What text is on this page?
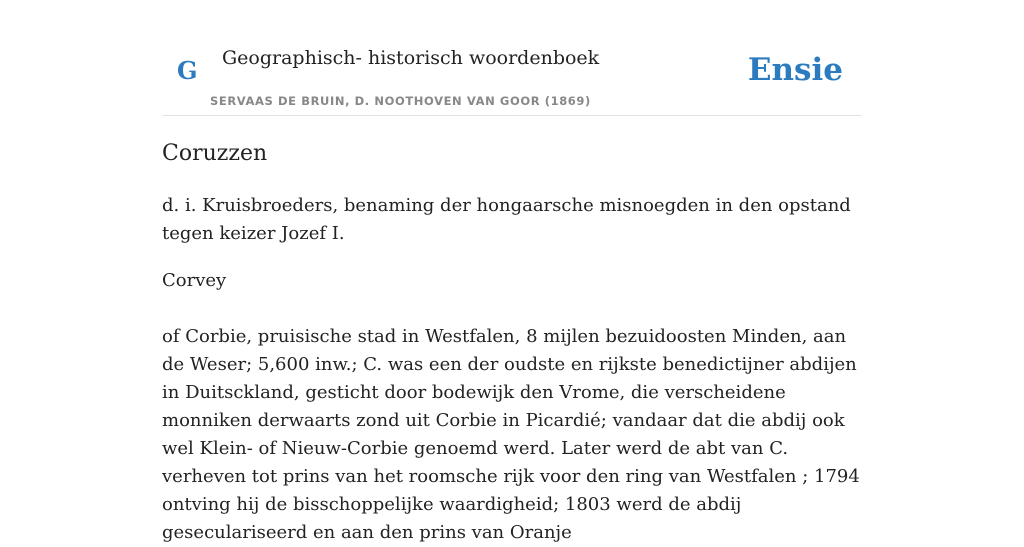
G Geographisch- historisch woordenboek
SERVAAS DE BRUIN, D. NOOTHOVEN VAN GOOR (1869)
Ensie
Coruzzen

d. i. Kruisbroeders, benaming der hongaarsche misnoegden in den opstand tegen keizer Jozef I.

Corvey

of Corbie, pruisische stad in Westfalen, 8 mijlen bezuidoosten Minden, aan de Weser; 5,600 inw.; C. was een der oudste en rijkste benedictijner abdijen in Duitsckland, gesticht door bodewijk den Vrome, die verscheidene monniken derwaarts zond uit Corbie in Picardié; vandaar dat die abdij ook wel Klein- of Nieuw-Corbie genoemd werd. Later werd de abt van C. verheven tot prins van het roomsche rijk voor den ring van Westfalen ; 1794 ontving hij de bisschoppelijke waardigheid; 1803 werd de abdij geseculariseerd en aan den prins van Oranje
